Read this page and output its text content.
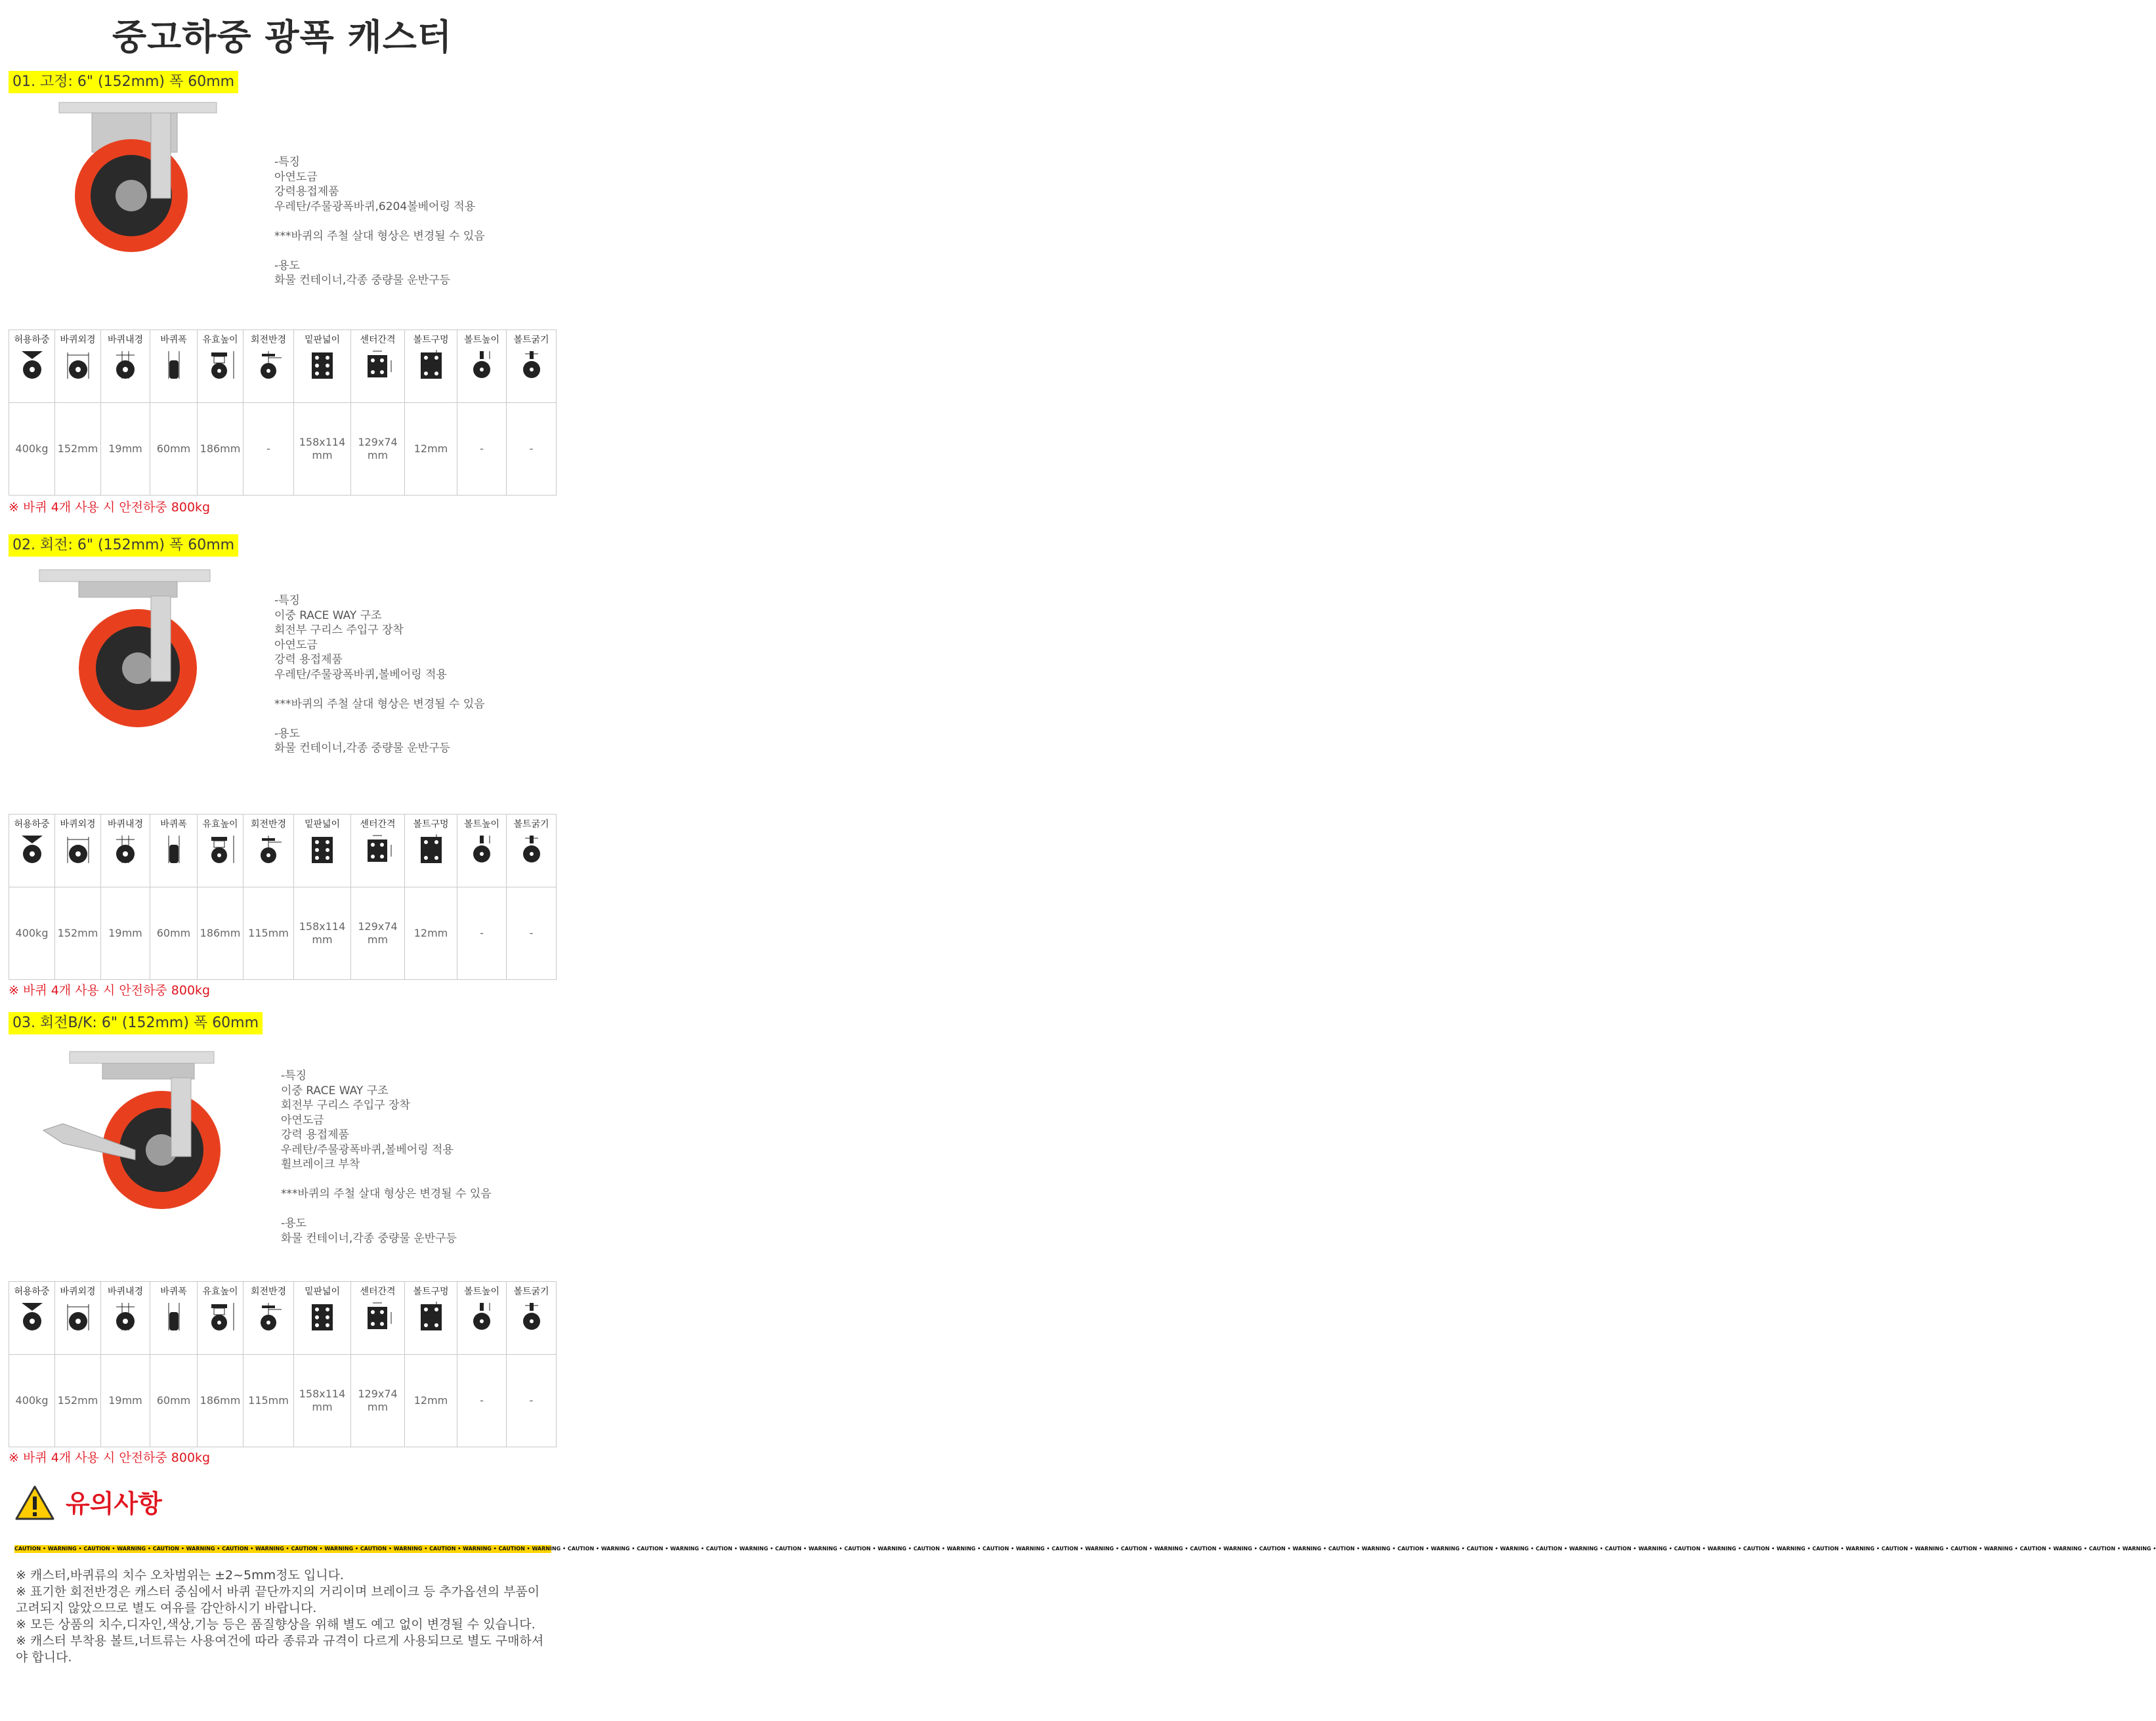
중고하중 광폭 캐스터
01. 고정: 6" (152mm) 폭 60mm
-특징
아연도금
강력용접제품
우레탄/주물광폭바퀴,6204볼베어링 적용
***바퀴의 주철 살대 형상은 변경될 수 있음
-용도
화물 컨테이너,각종 중량물 운반구등
허용하중	바퀴외경	바퀴내경	바퀴폭	유효높이	회전반경	밑판넓이	센터간격	볼트구멍	볼트높이	볼트굵기

400kg	152mm	19mm	60mm	186mm	-	158x114 mm	129x74 mm	12mm	-	-
※ 바퀴 4개 사용 시 안전하중 800kg
02. 회전: 6" (152mm) 폭 60mm
-특징
이중 RACE WAY 구조
회전부 구리스 주입구 장착
아연도금
강력 용접제품
우레탄/주물광폭바퀴,볼베어링 적용
***바퀴의 주철 살대 형상은 변경될 수 있음
-용도
화물 컨테이너,각종 중량물 운반구등
허용하중	바퀴외경	바퀴내경	바퀴폭	유효높이	회전반경	밑판넓이	센터간격	볼트구멍	볼트높이	볼트굵기

400kg	152mm	19mm	60mm	186mm	115mm	158x114 mm	129x74 mm	12mm	-	-
※ 바퀴 4개 사용 시 안전하중 800kg
03. 회전B/K: 6" (152mm) 폭 60mm
-특징
이중 RACE WAY 구조
회전부 구리스 주입구 장착
아연도금
강력 용접제품
우레탄/주물광폭바퀴,볼베어링 적용
휠브레이크 부착
***바퀴의 주철 살대 형상은 변경될 수 있음
-용도
화물 컨테이너,각종 중량물 운반구등
허용하중	바퀴외경	바퀴내경	바퀴폭	유효높이	회전반경	밑판넓이	센터간격	볼트구멍	볼트높이	볼트굵기

400kg	152mm	19mm	60mm	186mm	115mm	158x114 mm	129x74 mm	12mm	-	-
※ 바퀴 4개 사용 시 안전하중 800kg
유의사항
CAUTION • WARNING • CAUTION • WARNING • CAUTION • WARNING • CAUTION • WARNING • CAUTION • WARNING • CAUTION • WARNING • CAUTION • WARNING • CAUTION • WARNING • CAUTION • WARNING • CAUTION • WARNING • CAUTION • WARNING • CAUTION • WARNING • CAUTION • WARNING • CAUTION • WARNING • CAUTION • WARNING • CAUTION • WARNING • CAUTION • WARNING • CAUTION • WARNING • CAUTION • WARNING • CAUTION • WARNING • CAUTION • WARNING • CAUTION • WARNING • CAUTION • WARNING • CAUTION • WARNING • CAUTION • WARNING • CAUTION • WARNING • CAUTION • WARNING • CAUTION • WARNING • CAUTION • WARNING • CAUTION • WARNING • CAUTION • WARNING •
※ 캐스터,바퀴류의 치수 오차범위는 ±2~5mm정도 입니다.
※ 표기한 회전반경은 캐스터 중심에서 바퀴 끝단까지의 거리이며 브레이크 등 추가옵션의 부품이 고려되지 않았으므로 별도 여유를 감안하시기 바랍니다.
※ 모든 상품의 치수,디자인,색상,기능 등은 품질향상을 위해 별도 예고 없이 변경될 수 있습니다.
※ 캐스터 부착용 볼트,너트류는 사용여건에 따라 종류과 규격이 다르게 사용되므로 별도 구매하셔야 합니다.
